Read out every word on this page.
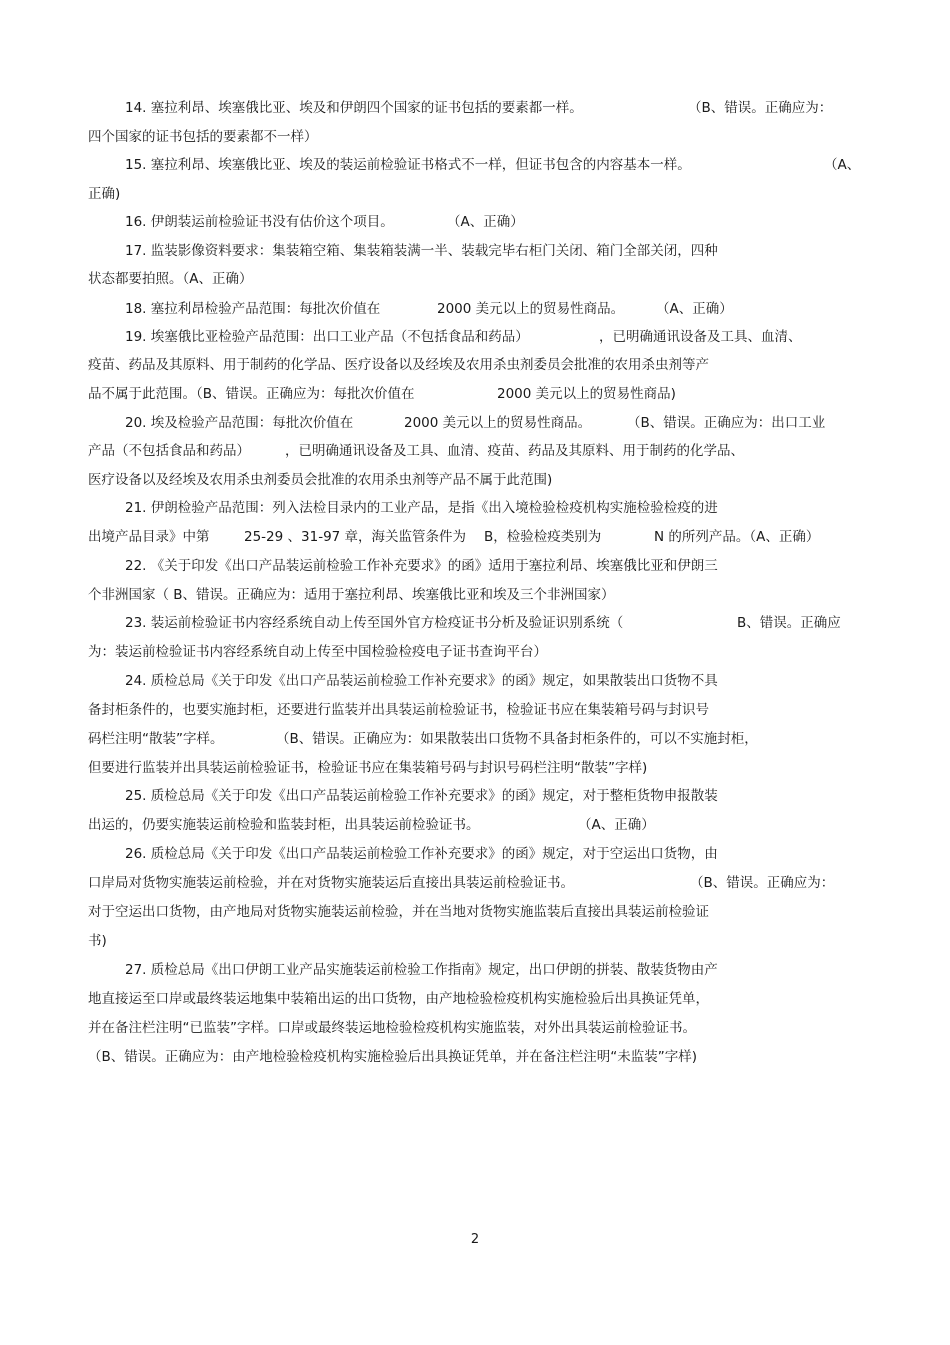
14. 塞拉利昂、埃塞俄比亚、埃及和伊朗四个国家的证书包括的要素都一样。	（B、错误。正确应为：
四个国家的证书包括的要素都不一样）
15. 塞拉利昂、埃塞俄比亚、埃及的装运前检验证书格式不一样，但证书包含的内容基本一样。	（A、
正确)
16. 伊朗装运前检验证书没有估价这个项目。	（A、正确）
17. 监装影像资料要求：集装箱空箱、集装箱装满一半、装载完毕右柜门关闭、箱门全部关闭，四种
状态都要拍照。（A、正确）
18. 塞拉利昂检验产品范围：每批次价值在	2000 美元以上的贸易性商品。 （A、正确）
19. 埃塞俄比亚检验产品范围：出口工业产品（不包括食品和药品）	，已明确通讯设备及工具、血清、
疫苗、药品及其原料、用于制药的化学品、医疗设备以及经埃及农用杀虫剂委员会批准的农用杀虫剂等产
品不属于此范围。（B、错误。正确应为：每批次价值在	2000 美元以上的贸易性商品)
20. 埃及检验产品范围：每批次价值在	2000 美元以上的贸易性商品。	（B、错误。正确应为：出口工业
产品（不包括食品和药品）	，已明确通讯设备及工具、血清、疫苗、药品及其原料、用于制药的化学品、
医疗设备以及经埃及农用杀虫剂委员会批准的农用杀虫剂等产品不属于此范围)
21. 伊朗检验产品范围：列入法检目录内的工业产品，是指《出入境检验检疫机构实施检验检疫的进
出境产品目录》中第	25-29 、31-97 章，海关监管条件为 B，检验检疫类别为	N 的所列产品。（A、正确）
22. 《关于印发《出口产品装运前检验工作补充要求》的函》适用于塞拉利昂、埃塞俄比亚和伊朗三
个非洲国家（ B、错误。正确应为：适用于塞拉利昂、埃塞俄比亚和埃及三个非洲国家）
23. 装运前检验证书内容经系统自动上传至国外官方检疫证书分析及验证识别系统（	B、错误。正确应
为：装运前检验证书内容经系统自动上传至中国检验检疫电子证书查询平台）
24. 质检总局《关于印发《出口产品装运前检验工作补充要求》的函》规定，如果散装出口货物不具
备封柜条件的，也要实施封柜，还要进行监装并出具装运前检验证书，检验证书应在集装箱号码与封识号
码栏注明“散装”字样。	（B、错误。正确应为：如果散装出口货物不具备封柜条件的，可以不实施封柜，
但要进行监装并出具装运前检验证书，检验证书应在集装箱号码与封识号码栏注明“散装”字样)
25. 质检总局《关于印发《出口产品装运前检验工作补充要求》的函》规定，对于整柜货物申报散装
出运的，仍要实施装运前检验和监装封柜，出具装运前检验证书。	（A、正确）
26. 质检总局《关于印发《出口产品装运前检验工作补充要求》的函》规定，对于空运出口货物，由
口岸局对货物实施装运前检验，并在对货物实施装运后直接出具装运前检验证书。	（B、错误。正确应为：
对于空运出口货物，由产地局对货物实施装运前检验，并在当地对货物实施监装后直接出具装运前检验证
书)
27. 质检总局《出口伊朗工业产品实施装运前检验工作指南》规定，出口伊朗的拼装、散装货物由产
地直接运至口岸或最终装运地集中装箱出运的出口货物，由产地检验检疫机构实施检验后出具换证凭单，
并在备注栏注明“已监装”字样。口岸或最终装运地检验检疫机构实施监装，对外出具装运前检验证书。
（B、错误。正确应为：由产地检验检疫机构实施检验后出具换证凭单，并在备注栏注明“未监装”字样)
2
